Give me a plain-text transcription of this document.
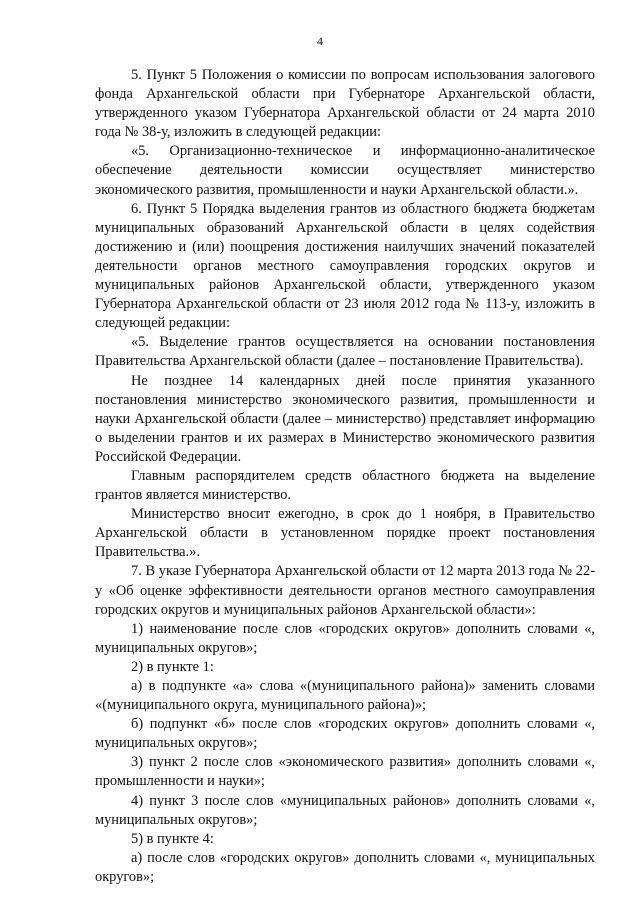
4

5. Пункт 5 Положения о комиссии по вопросам использования залогового фонда Архангельской области при Губернаторе Архангельской области, утвержденного указом Губернатора Архангельской области от 24 марта 2010 года № 38-у, изложить в следующей редакции:

«5. Организационно-техническое и информационно-аналитическое обеспечение деятельности комиссии осуществляет министерство экономического развития, промышленности и науки Архангельской области.».

6. Пункт 5 Порядка выделения грантов из областного бюджета бюджетам муниципальных образований Архангельской области в целях содействия достижению и (или) поощрения достижения наилучших значений показателей деятельности органов местного самоуправления городских округов и муниципальных районов Архангельской области, утвержденного указом Губернатора Архангельской области от 23 июля 2012 года № 113-у, изложить в следующей редакции:

«5. Выделение грантов осуществляется на основании постановления Правительства Архангельской области (далее – постановление Правительства).

Не позднее 14 календарных дней после принятия указанного постановления министерство экономического развития, промышленности и науки Архангельской области (далее – министерство) представляет информацию о выделении грантов и их размерах в Министерство экономического развития Российской Федерации.

Главным распорядителем средств областного бюджета на выделение грантов является министерство.

Министерство вносит ежегодно, в срок до 1 ноября, в Правительство Архангельской области в установленном порядке проект постановления Правительства.».

7. В указе Губернатора Архангельской области от 12 марта 2013 года № 22-у «Об оценке эффективности деятельности органов местного самоуправления городских округов и муниципальных районов Архангельской области»:

1) наименование после слов «городских округов» дополнить словами «, муниципальных округов»;

2) в пункте 1:

а) в подпункте «а» слова «(муниципального района)» заменить словами «(муниципального округа, муниципального района)»;

б) подпункт «б» после слов «городских округов» дополнить словами «, муниципальных округов»;

3) пункт 2 после слов «экономического развития» дополнить словами «, промышленности и науки»;

4) пункт 3 после слов «муниципальных районов» дополнить словами «, муниципальных округов»;

5) в пункте 4:

а) после слов «городских округов» дополнить словами «, муниципальных округов»;
